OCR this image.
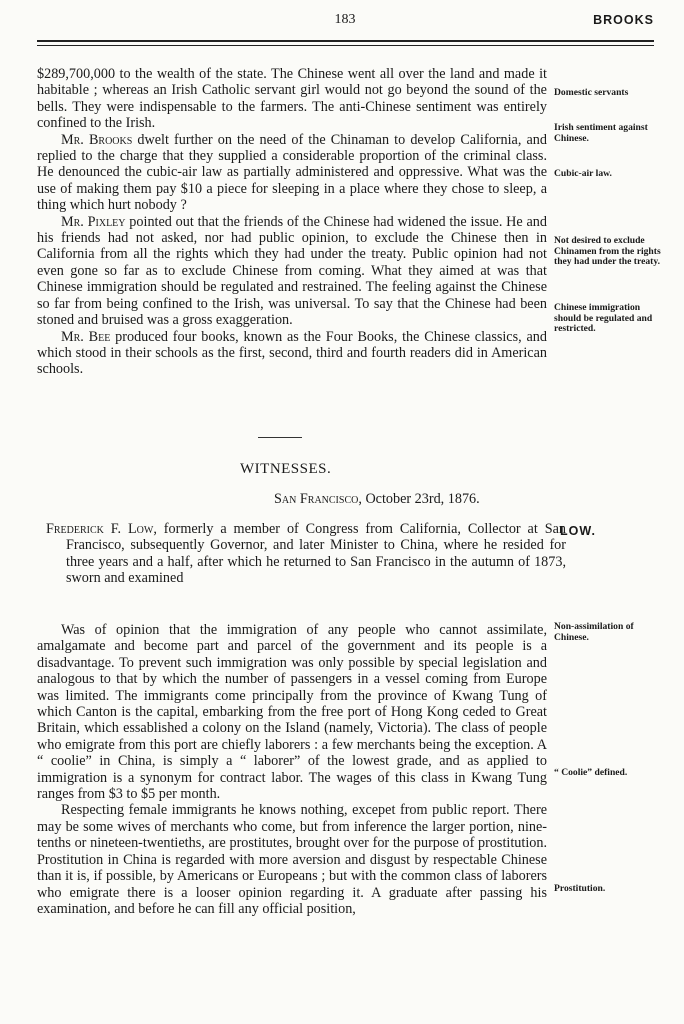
183	BROOKS

$289,700,000 to the wealth of the state. The Chinese went all over the land and made it habitable ; whereas an Irish Catholic servant girl would not go beyond the sound of the bells. They were indispensable to the farmers. The anti-Chinese sentiment was entirely confined to the Irish.

Mr. Brooks dwelt further on the need of the Chinaman to develop California, and replied to the charge that they supplied a considerable proportion of the criminal class. He denounced the cubic-air law as partially administered and oppressive. What was the use of making them pay $10 a piece for sleeping in a place where they chose to sleep, a thing which hurt nobody ?

Mr. Pixley pointed out that the friends of the Chinese had widened the issue. He and his friends had not asked, nor had public opinion, to exclude the Chinese then in California from all the rights which they had under the treaty. Public opinion had not even gone so far as to exclude Chinese from coming. What they aimed at was that Chinese immigration should be regulated and restrained. The feeling against the Chinese so far from being confined to the Irish, was universal. To say that the Chinese had been stoned and bruised was a gross exaggeration.

Mr. Bee produced four books, known as the Four Books, the Chinese classics, and which stood in their schools as the first, second, third and fourth readers did in American schools.

Domestic servants
Irish sentiment against Chinese.
Cubic-air law.
Not desired to exclude Chinamen from the rights they had under the treaty.
Chinese immigration should be regulated and restricted.
WITNESSES.
San Francisco, October 23rd, 1876.
Frederick F. Low, formerly a member of Congress from California, Collector at San Francisco, subsequently Governor, and later Minister to China, where he resided for three years and a half, after which he returned to San Francisco in the autumn of 1873, sworn and examined
LOW.

Was of opinion that the immigration of any people who cannot assimilate, amalgamate and become part and parcel of the government and its people is a disadvantage. To prevent such immigration was only possible by special legislation and analogous to that by which the number of passengers in a vessel coming from Europe was limited. The immigrants come principally from the province of Kwang Tung of which Canton is the capital, embarking from the free port of Hong Kong ceded to Great Britain, which essablished a colony on the Island (namely, Victoria). The class of people who emigrate from this port are chiefly laborers : a few merchants being the exception. A “ coolie” in China, is simply a “ laborer” of the lowest grade, and as applied to immigration is a synonym for contract labor. The wages of this class in Kwang Tung ranges from $3 to $5 per month.

Respecting female immigrants he knows nothing, excepet from public report. There may be some wives of merchants who come, but from inference the larger portion, nine-tenths or nineteen-twentieths, are prostitutes, brought over for the purpose of prostitution. Prostitution in China is regarded with more aversion and disgust by respectable Chinese than it is, if possible, by Americans or Europeans ; but with the common class of laborers who emigrate there is a looser opinion regarding it. A graduate after passing his examination, and before he can fill any official position,

Non-assimilation of Chinese.
“ Coolie” defined.
Prostitution.
